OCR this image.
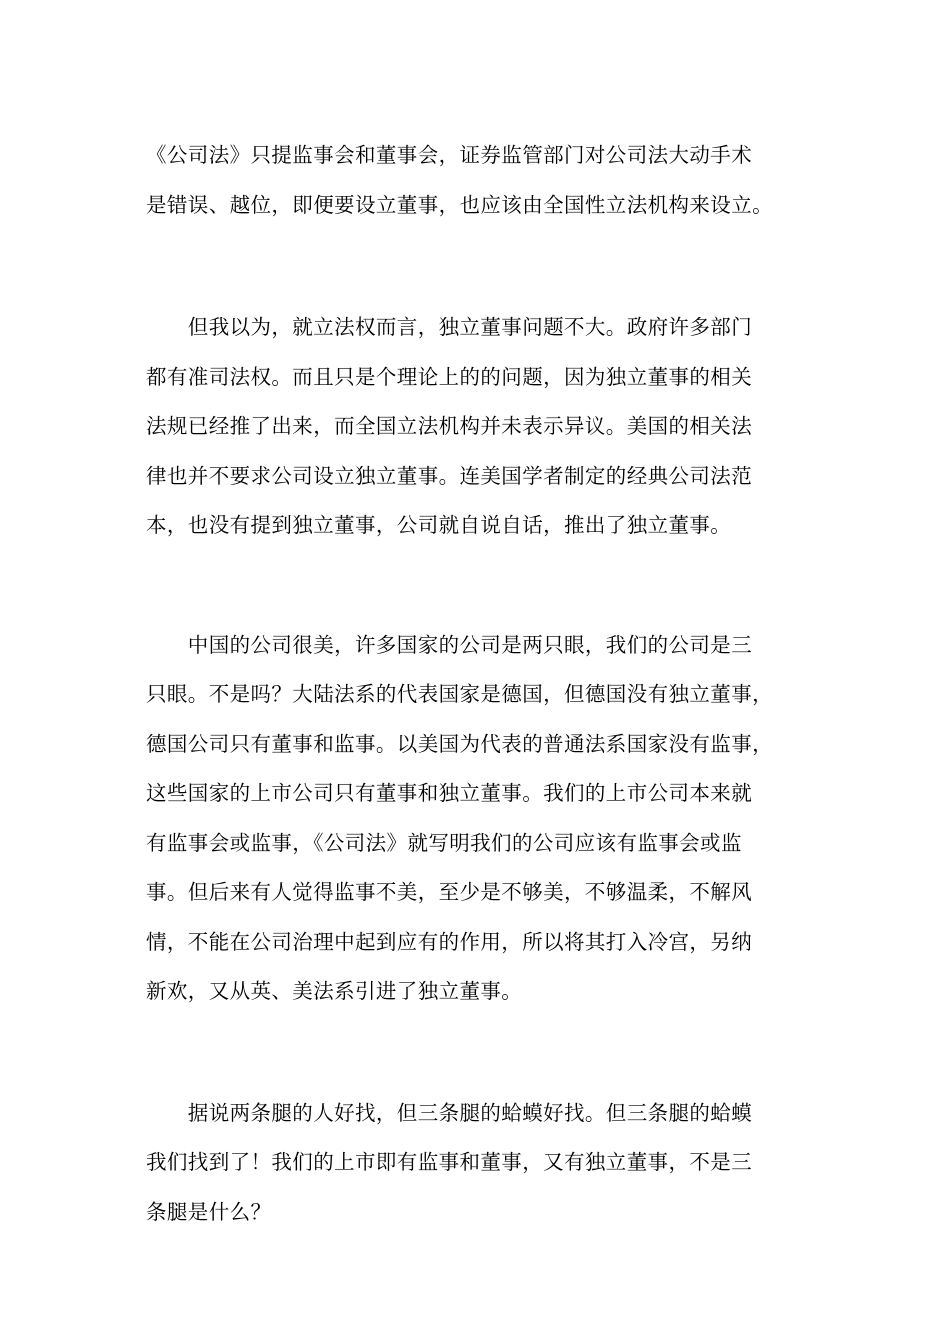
《公司法》只提监事会和董事会，证券监管部门对公司法大动手术
是错误、越位，即便要设立董事，也应该由全国性立法机构来设立。

　　但我以为，就立法权而言，独立董事问题不大。政府许多部门
都有准司法权。而且只是个理论上的的问题，因为独立董事的相关
法规已经推了出来，而全国立法机构并未表示异议。美国的相关法
律也并不要求公司设立独立董事。连美国学者制定的经典公司法范
本，也没有提到独立董事，公司就自说自话，推出了独立董事。

　　中国的公司很美，许多国家的公司是两只眼，我们的公司是三
只眼。不是吗？大陆法系的代表国家是德国，但德国没有独立董事，
德国公司只有董事和监事。以美国为代表的普通法系国家没有监事，
这些国家的上市公司只有董事和独立董事。我们的上市公司本来就
有监事会或监事，《公司法》就写明我们的公司应该有监事会或监
事。但后来有人觉得监事不美，至少是不够美，不够温柔，不解风
情，不能在公司治理中起到应有的作用，所以将其打入冷宫，另纳
新欢，又从英、美法系引进了独立董事。

　　据说两条腿的人好找，但三条腿的蛤蟆好找。但三条腿的蛤蟆
我们找到了！我们的上市即有监事和董事，又有独立董事，不是三
条腿是什么？
